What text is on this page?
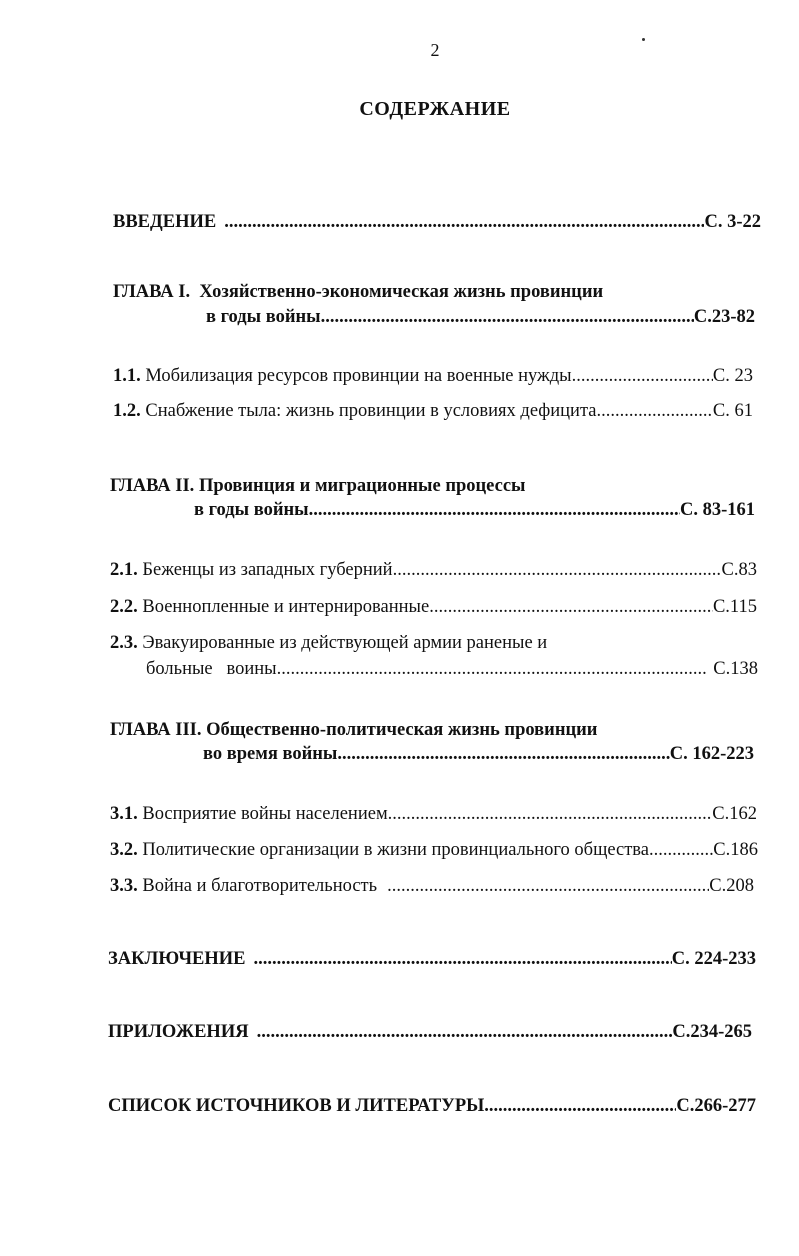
2
СОДЕРЖАНИЕ
ВВЕДЕНИЕ .....	С. 3-22
ГЛАВА I. Хозяйственно-экономическая жизнь провинции
в годы войны .....	С.23-82
1.1. Мобилизация ресурсов провинции на военные нужды .....	С. 23
1.2. Снабжение тыла: жизнь провинции в условиях дефицита .....	С. 61
ГЛАВА II. Провинция и миграционные процессы
в годы войны .....	С. 83-161
2.1. Беженцы из западных губерний .....	С.83
2.2. Военнопленные и интернированные .....	С.115
2.3. Эвакуированные из действующей армии раненые и
больные   воины .....	С.138
ГЛАВА III. Общественно-политическая жизнь провинции
во время войны .....	С. 162-223
3.1. Восприятие войны населением .....	С.162
3.2. Политические организации в жизни провинциального общества .....	С.186
3.3. Война и благотворительность .....	С.208
ЗАКЛЮЧЕНИЕ .....	С. 224-233
ПРИЛОЖЕНИЯ .....	С.234-265
СПИСОК ИСТОЧНИКОВ И ЛИТЕРАТУРЫ .....	С.266-277
